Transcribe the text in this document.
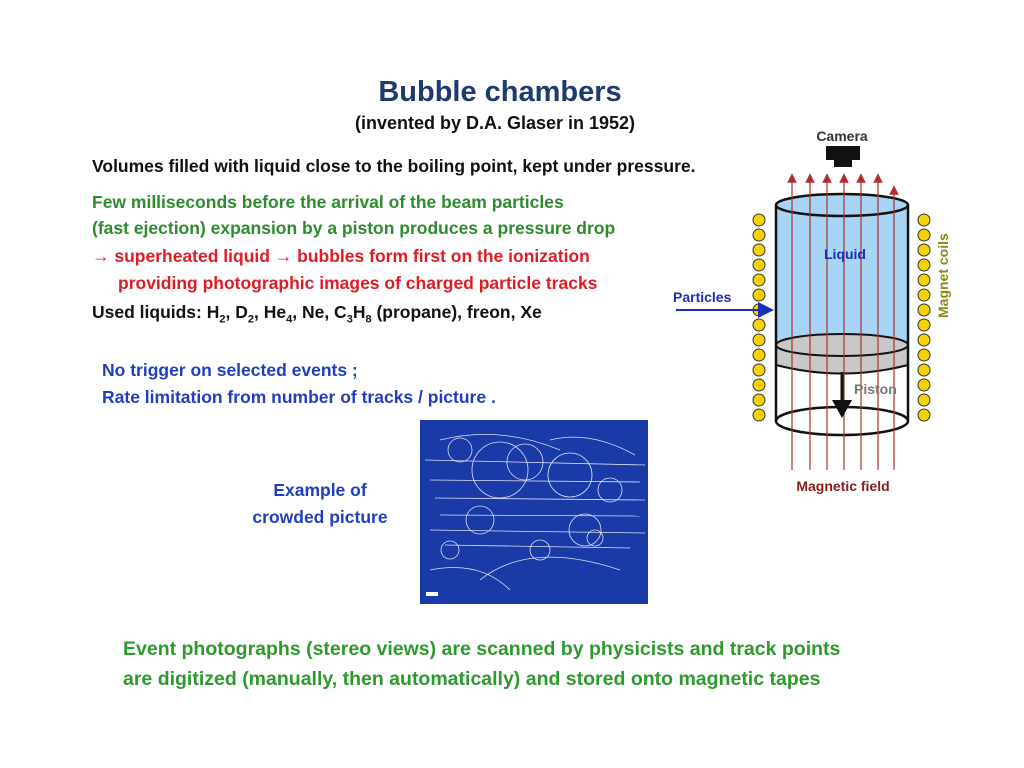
Bubble chambers
(invented by D.A. Glaser in 1952)
Volumes filled with liquid close to the boiling point, kept under pressure.
Few milliseconds before the arrival of the beam particles
(fast ejection) expansion by a piston produces a pressure drop
→ superheated liquid → bubbles form first on the ionization
providing photographic images of charged particle tracks
Used liquids: $H_2$, $D_2$, $He_4$, Ne, $C_3H_8$ (propane), freon, Xe
No trigger on selected events ;
Rate limitation from number of tracks / picture .
Example of
crowded picture
Camera
Particles
Liquid
Piston
Magnet coils
Magnetic field
Event photographs (stereo views) are scanned by physicists and track points
are digitized (manually, then automatically) and stored onto magnetic tapes
